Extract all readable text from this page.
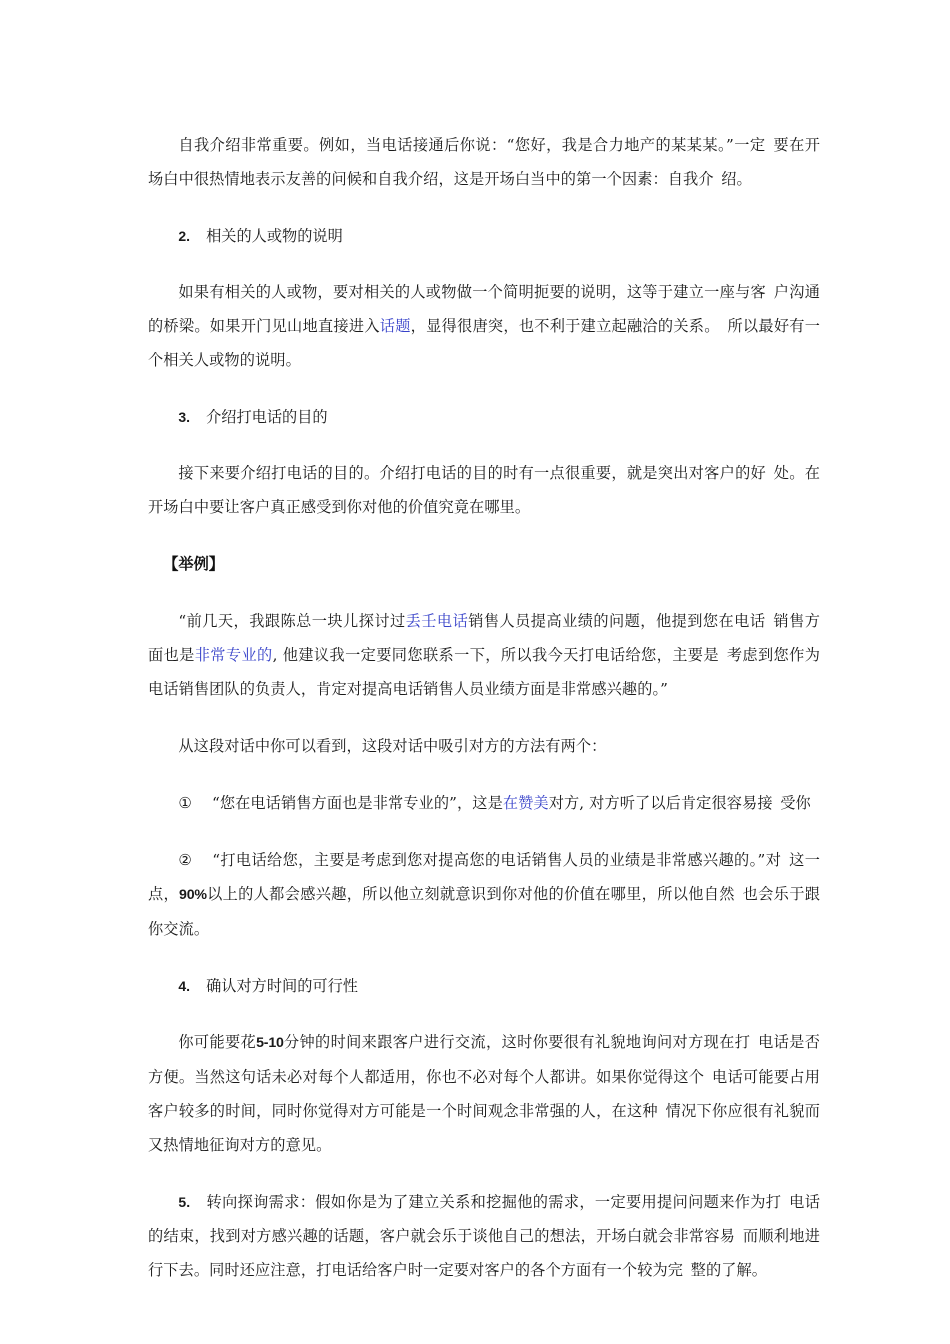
自我介绍非常重要。例如，当电话接通后你说：“您好，我是合力地产的某某某。”一定 要在开场白中很热情地表示友善的问候和自我介绍，这是开场白当中的第一个因素：自我介 绍。

2. 相关的人或物的说明

如果有相关的人或物，要对相关的人或物做一个简明扼要的说明，这等于建立一座与客 户沟通的桥梁。如果开门见山地直接进入话题，显得很唐突，也不利于建立起融洽的关系。 所以最好有一个相关人或物的说明。

3. 介绍打电话的目的

接下来要介绍打电话的目的。介绍打电话的目的时有一点很重要，就是突出对客户的好 处。在开场白中要让客户真正感受到你对他的价值究竟在哪里。

【举例】

“前几天，我跟陈总一块儿探讨过丢壬电话销售人员提高业绩的问题，他提到您在电话 销售方面也是非常专业的, 他建议我一定要同您联系一下，所以我今天打电话给您，主要是 考虑到您作为电话销售团队的负责人，肯定对提高电话销售人员业绩方面是非常感兴趣的。”

从这段对话中你可以看到，这段对话中吸引对方的方法有两个：

① “您在电话销售方面也是非常专业的”，这是在赞美对方, 对方听了以后肯定很容易接 受你

② “打电话给您，主要是考虑到您对提高您的电话销售人员的业绩是非常感兴趣的。”对 这一点，90%以上的人都会感兴趣，所以他立刻就意识到你对他的价值在哪里，所以他自然 也会乐于跟你交流。

4. 确认对方时间的可行性

你可能要花5-10分钟的时间来跟客户进行交流，这时你要很有礼貌地询问对方现在打 电话是否方便。当然这句话未必对每个人都适用，你也不必对每个人都讲。如果你觉得这个 电话可能要占用客户较多的时间，同时你觉得对方可能是一个时间观念非常强的人，在这种 情况下你应很有礼貌而又热情地征询对方的意见。

5. 转向探询需求：假如你是为了建立关系和挖掘他的需求，一定要用提问问题来作为打 电话的结束，找到对方感兴趣的话题，客户就会乐于谈他自己的想法，开场白就会非常容易 而顺利地进行下去。同时还应注意，打电话给客户时一定要对客户的各个方面有一个较为完 整的了解。
